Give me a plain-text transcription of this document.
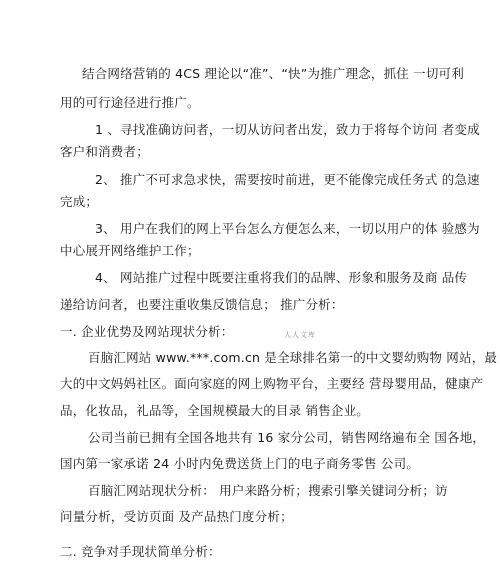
结合网络营销的 4CS 理论以“准”、“快”为推广理念，抓住 一切可利
用的可行途径进行推广。
1 、寻找准确访问者，一切从访问者出发，致力于将每个访问 者变成
客户和消费者；
2、 推广不可求急求快，需要按时前进，更不能像完成任务式 的急速
完成；
3、 用户在我们的网上平台怎么方便怎么来，一切以用户的体 验感为
中心展开网络维护工作；
4、 网站推广过程中既要注重将我们的品牌、形象和服务及商 品传
递给访问者，也要注重收集反馈信息； 推广分析：
一. 企业优势及网站现状分析：
百脑汇网站 www.***.com.cn 是全球排名第一的中文婴幼购物 网站，最
大的中文妈妈社区。面向家庭的网上购物平台，主要经 营母婴用品，健康产
品，化妆品，礼品等，全国规模最大的目录 销售企业。
公司当前已拥有全国各地共有 16 家分公司，销售网络遍布全 国各地，
国内第一家承诺 24 小时内免费送货上门的电子商务零售 公司。
百脑汇网站现状分析： 用户来路分析；搜索引擎关键词分析；访
问量分析，受访页面 及产品热门度分析；
二. 竞争对手现状简单分析：
人人文库
